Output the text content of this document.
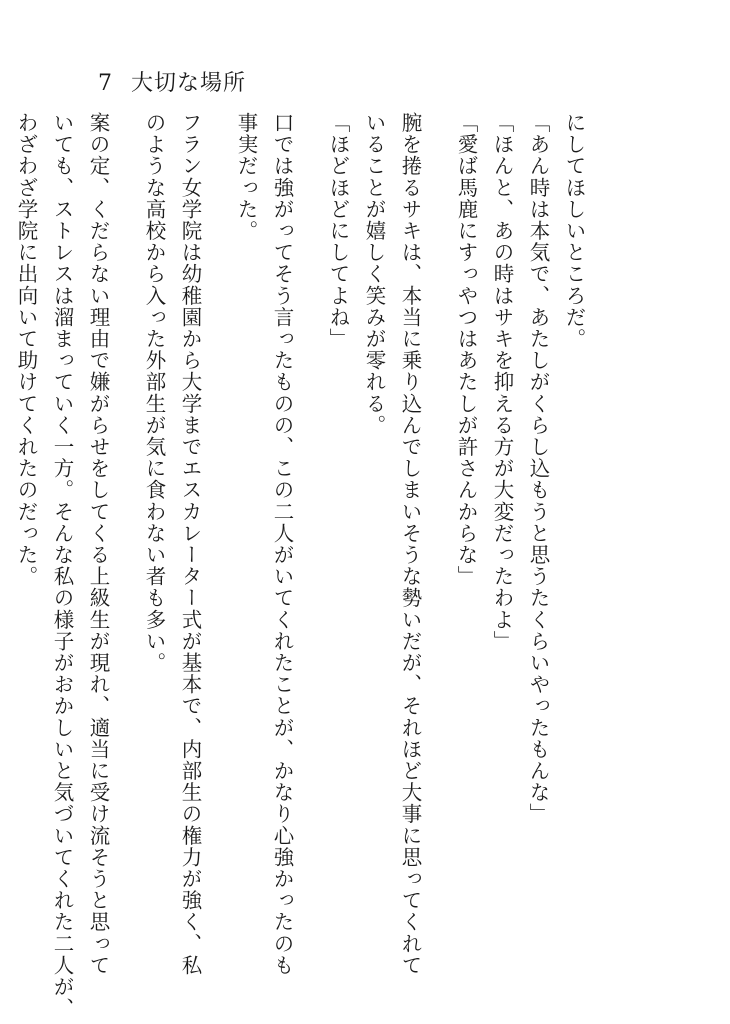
7 大切な場所
にしてほしいところだ。
「あん時は本気で、あたしがくらし込もうと思うたくらいやったもんな」
「ほんと、あの時はサキを抑える方が大変だったわよ」
「愛ば馬鹿にすっやつはあたしが許さんからな」
腕を捲るサキは、本当に乗り込んでしまいそうな勢いだが、それほど大事に思ってくれて
いることが嬉しく笑みが零れる。
「ほどほどにしてよね」
口では強がってそう言ったものの、この二人がいてくれたことが、かなり心強かったのも
事実だった。
フラン女学院は幼稚園から大学までエスカレーター式が基本で、内部生の権力が強く、私
のような高校から入った外部生が気に食わない者も多い。
案の定、くだらない理由で嫌がらせをしてくる上級生が現れ、適当に受け流そうと思って
いても、ストレスは溜まっていく一方。そんな私の様子がおかしいと気づいてくれた二人が、
わざわざ学院に出向いて助けてくれたのだった。
